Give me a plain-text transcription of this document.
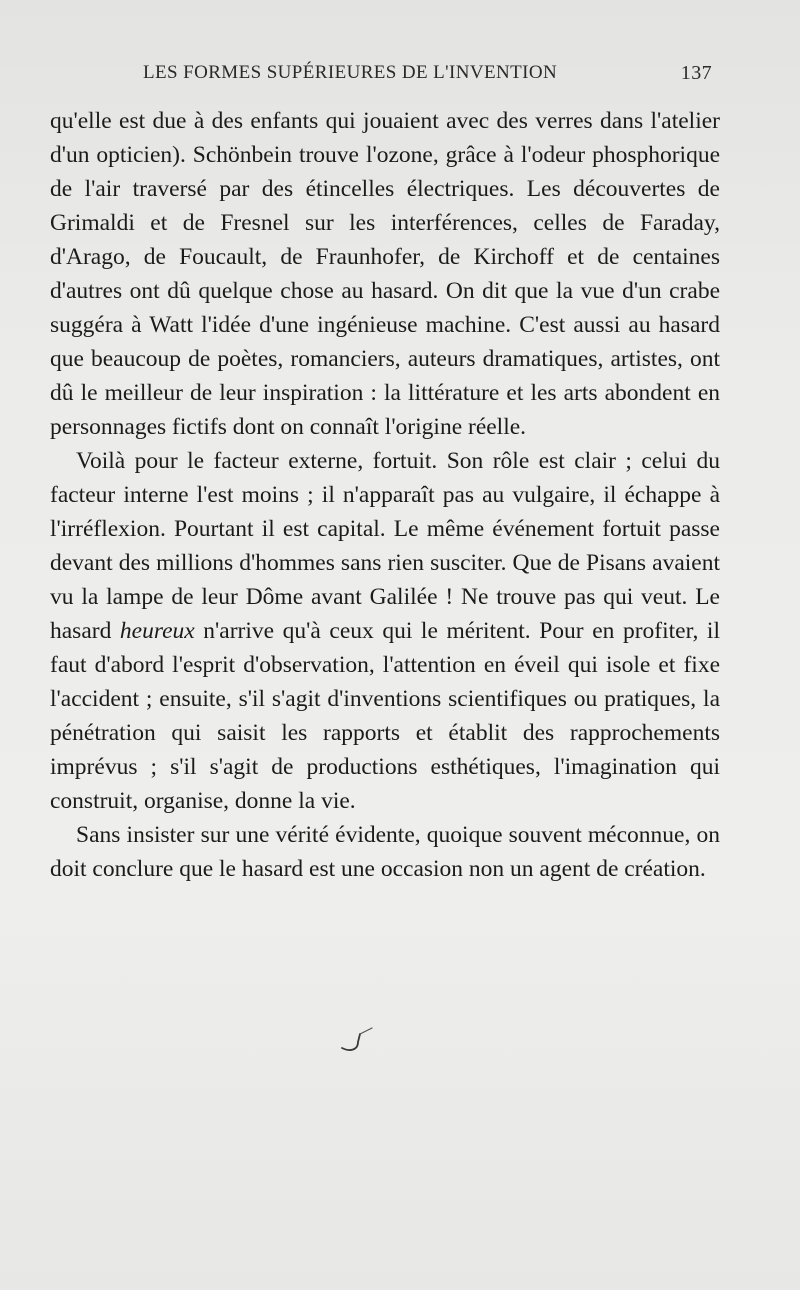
LES FORMES SUPÉRIEURES DE L'INVENTION	137

qu'elle est due à des enfants qui jouaient avec des verres dans l'atelier d'un opticien). Schönbein trouve l'ozone, grâce à l'odeur phosphorique de l'air traversé par des étincelles électriques. Les découvertes de Grimaldi et de Fresnel sur les interférences, celles de Faraday, d'Arago, de Foucault, de Fraunhofer, de Kirchoff et de centaines d'autres ont dû quelque chose au hasard. On dit que la vue d'un crabe suggéra à Watt l'idée d'une ingénieuse machine. C'est aussi au hasard que beaucoup de poètes, romanciers, auteurs dramatiques, artistes, ont dû le meilleur de leur inspiration : la littérature et les arts abondent en personnages fictifs dont on connaît l'origine réelle.

Voilà pour le facteur externe, fortuit. Son rôle est clair ; celui du facteur interne l'est moins ; il n'apparaît pas au vulgaire, il échappe à l'irréflexion. Pourtant il est capital. Le même événement fortuit passe devant des millions d'hommes sans rien susciter. Que de Pisans avaient vu la lampe de leur Dôme avant Galilée ! Ne trouve pas qui veut. Le hasard heureux n'arrive qu'à ceux qui le méritent. Pour en profiter, il faut d'abord l'esprit d'observation, l'attention en éveil qui isole et fixe l'accident ; ensuite, s'il s'agit d'inventions scientifiques ou pratiques, la pénétration qui saisit les rapports et établit des rapprochements imprévus ; s'il s'agit de productions esthétiques, l'imagination qui construit, organise, donne la vie.

Sans insister sur une vérité évidente, quoique souvent méconnue, on doit conclure que le hasard est une occasion non un agent de création.
